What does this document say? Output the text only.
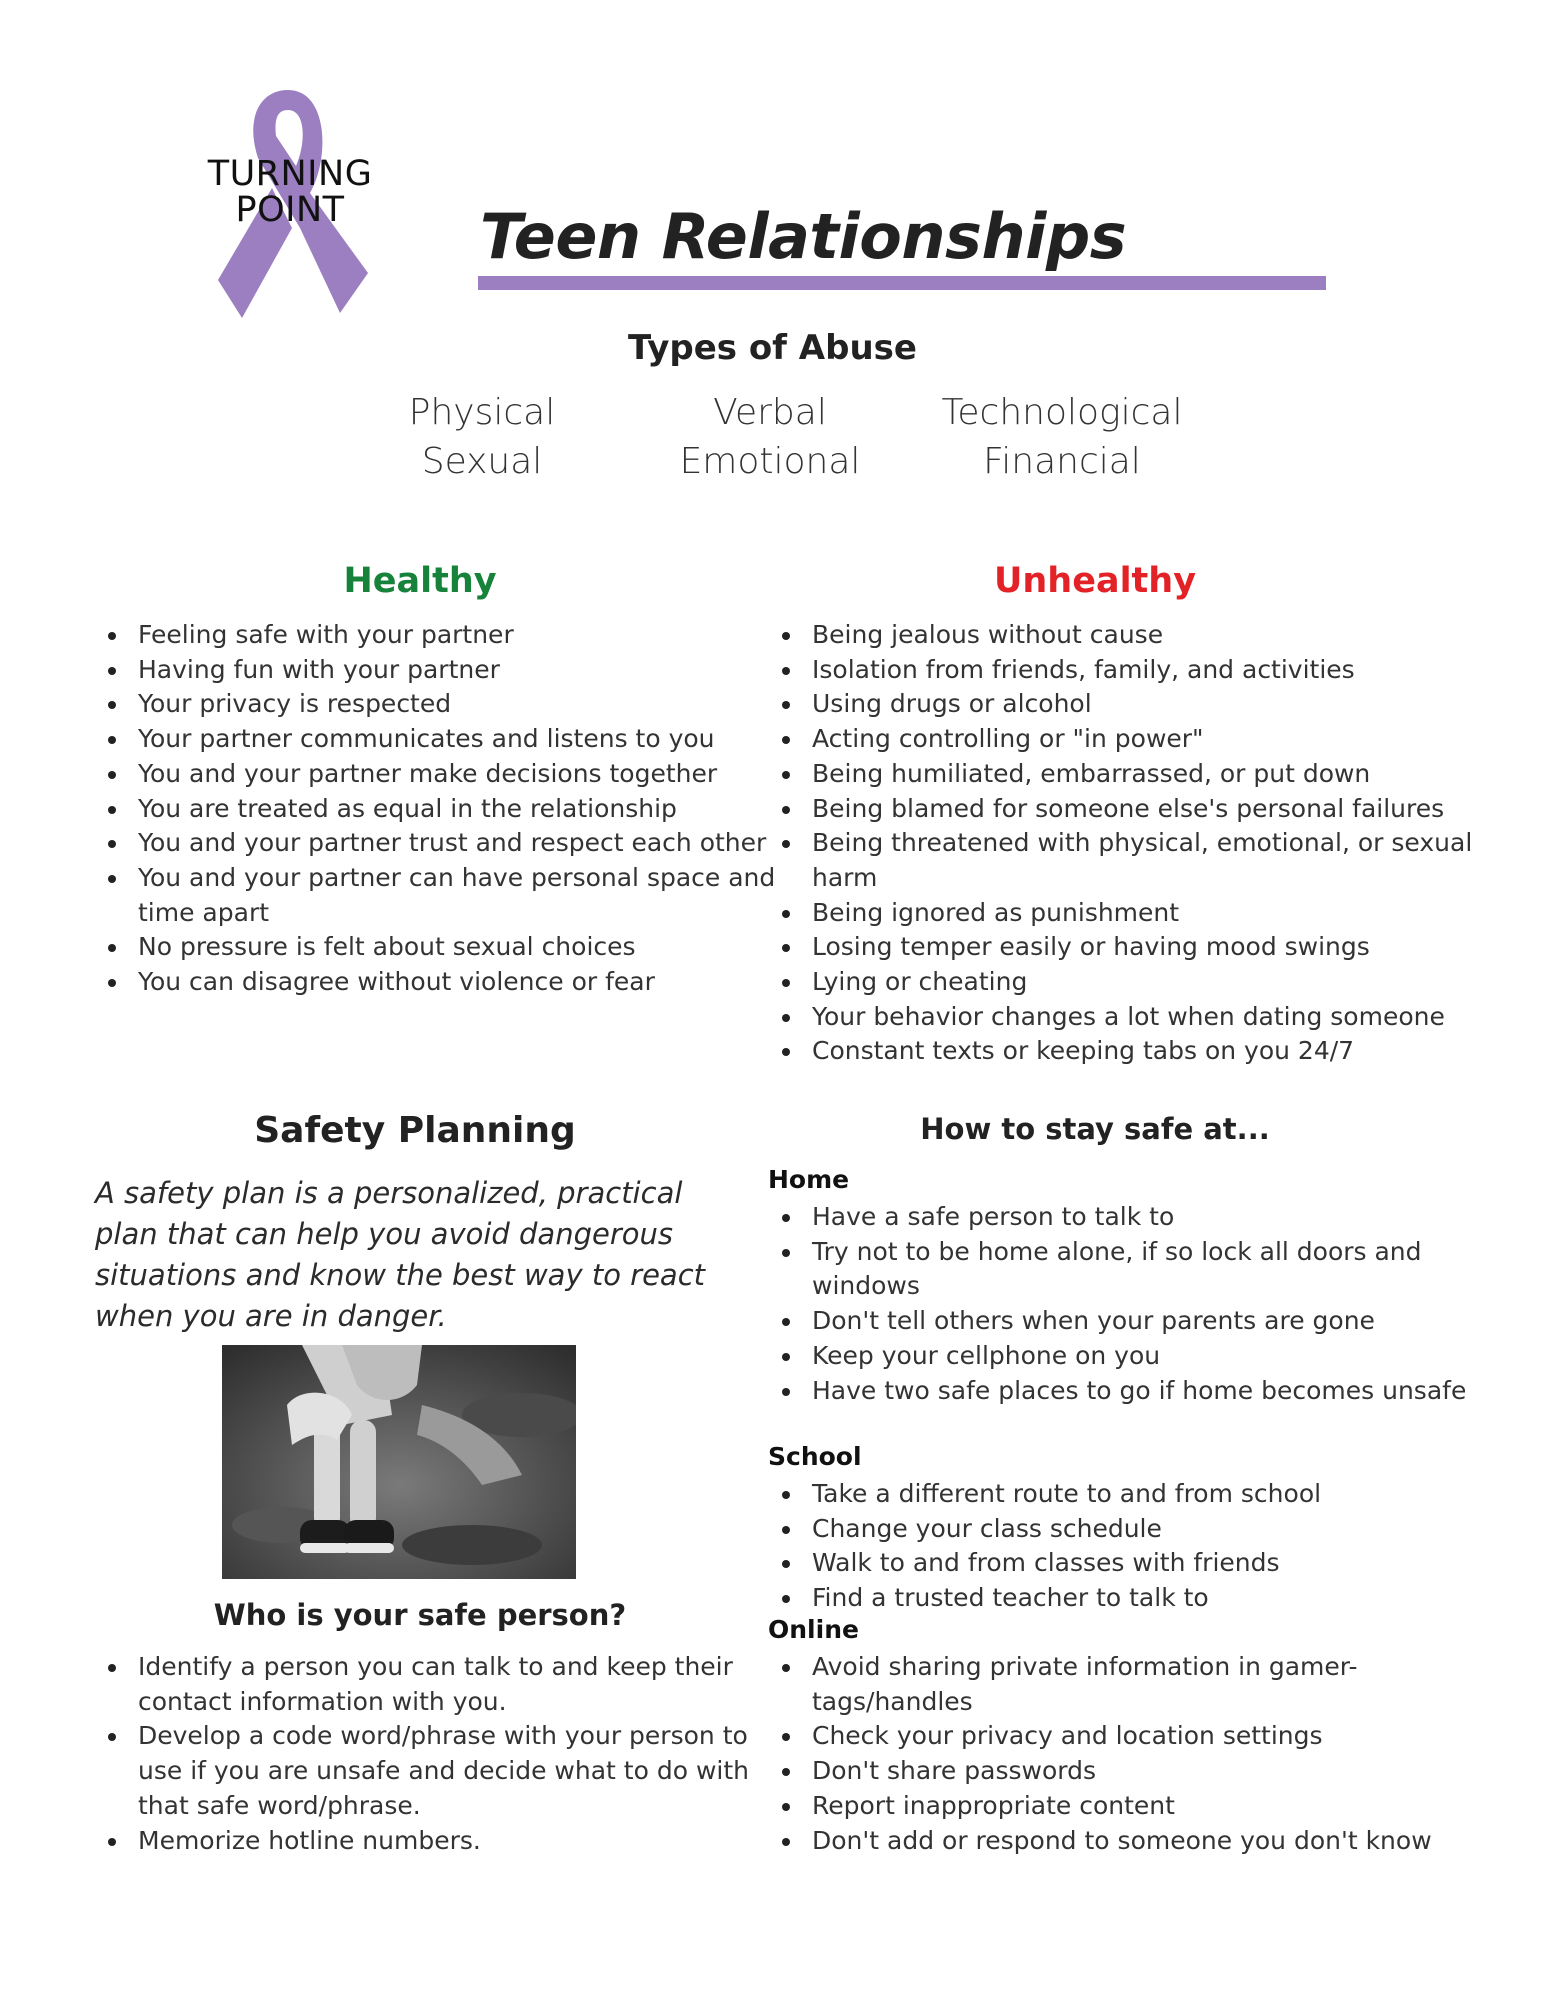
TURNING
POINT	Teen Relationships
Types of Abuse
Physical
Sexual
Verbal
Emotional
Technological
Financial
Healthy
Feeling safe with your partner
Having fun with your partner
Your privacy is respected
Your partner communicates and listens to you
You and your partner make decisions together
You are treated as equal in the relationship
You and your partner trust and respect each other
You and your partner can have personal space and time apart
No pressure is felt about sexual choices
You can disagree without violence or fear
Unhealthy
Being jealous without cause
Isolation from friends, family, and activities
Using drugs or alcohol
Acting controlling or "in power"
Being humiliated, embarrassed, or put down
Being blamed for someone else's personal failures
Being threatened with physical, emotional, or sexual harm
Being ignored as punishment
Losing temper easily or having mood swings
Lying or cheating
Your behavior changes a lot when dating someone
Constant texts or keeping tabs on you 24/7
Safety Planning
A safety plan is a personalized, practical plan that can help you avoid dangerous situations and know the best way to react when you are in danger.
Who is your safe person?
Identify a person you can talk to and keep their contact information with you.
Develop a code word/phrase with your person to use if you are unsafe and decide what to do with that safe word/phrase.
Memorize hotline numbers.
How to stay safe at...
Home
Have a safe person to talk to
Try not to be home alone, if so lock all doors and windows
Don't tell others when your parents are gone
Keep your cellphone on you
Have two safe places to go if home becomes unsafe
School
Take a different route to and from school
Change your class schedule
Walk to and from classes with friends
Find a trusted teacher to talk to
Online
Avoid sharing private information in gamer-tags/handles
Check your privacy and location settings
Don't share passwords
Report inappropriate content
Don't add or respond to someone you don't know
